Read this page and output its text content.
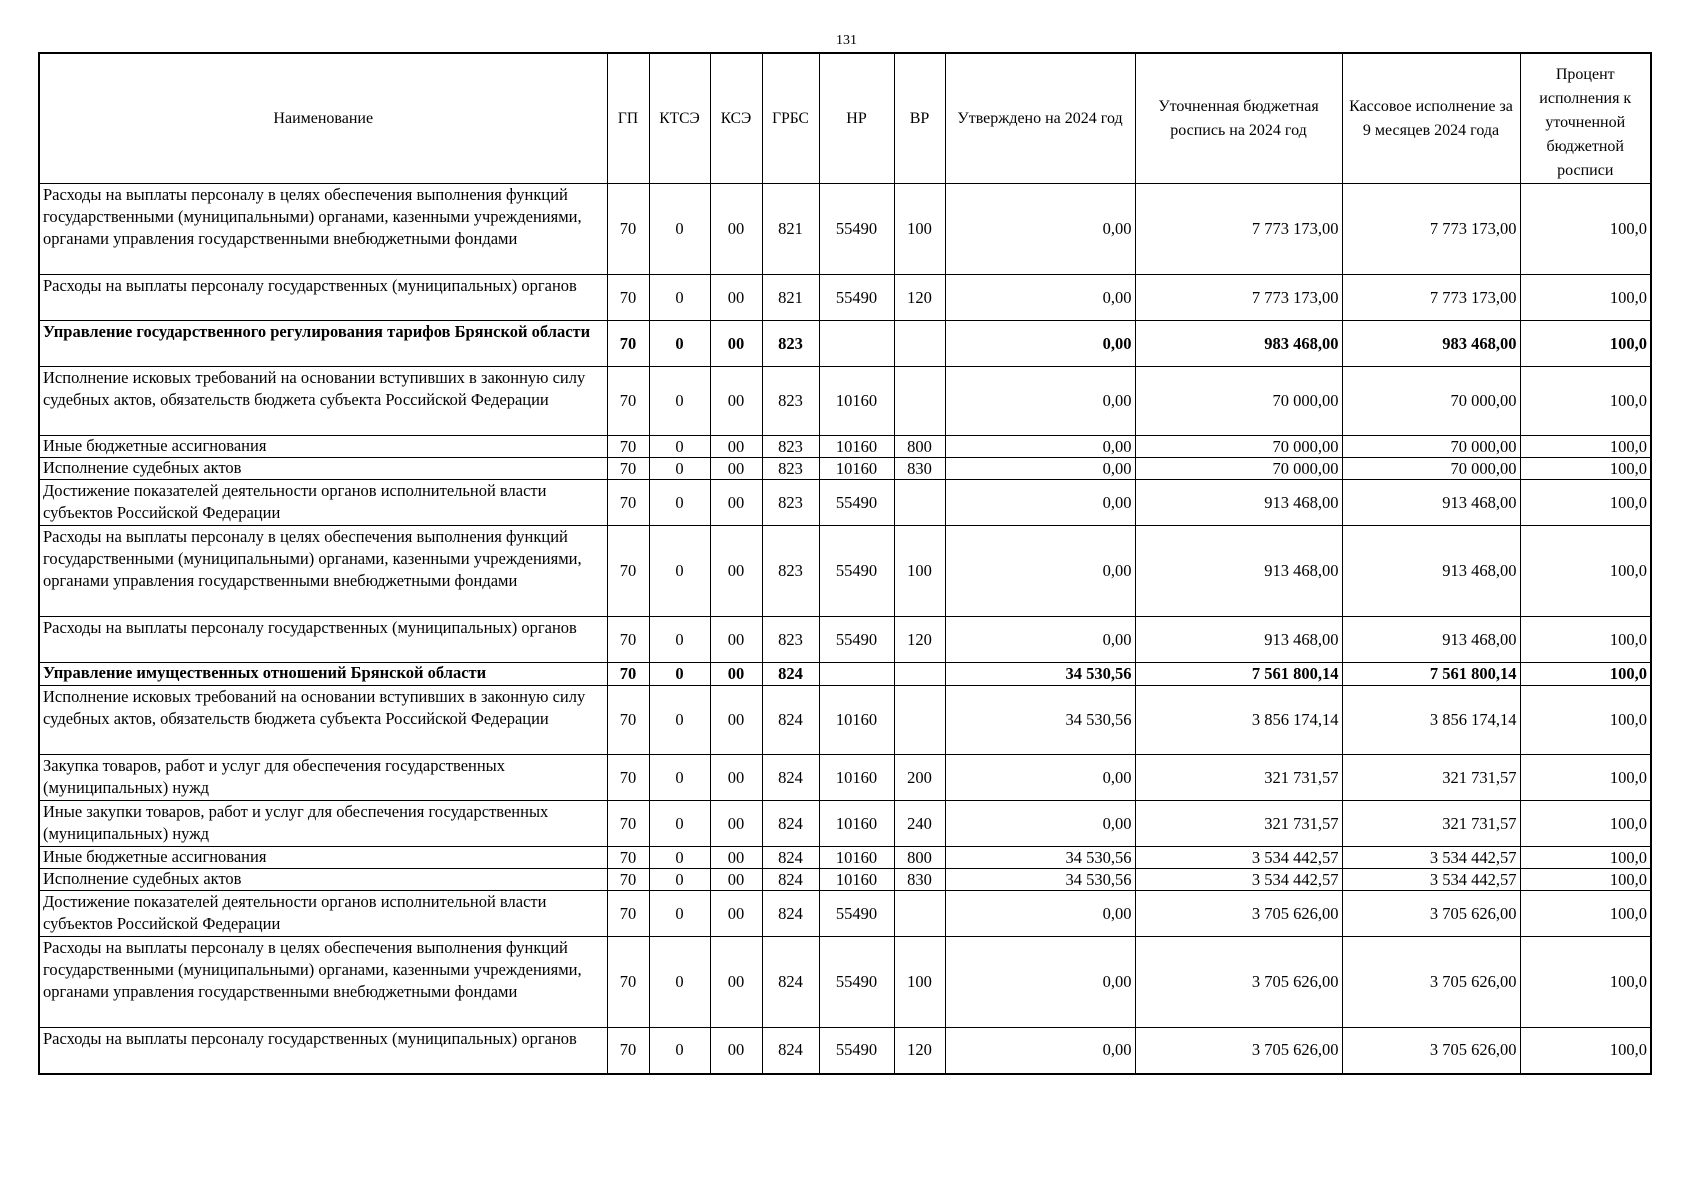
131
Наименование	ГП	КТСЭ	КСЭ	ГРБС	НР	ВР	Утверждено на 2024 год	Уточненная бюджетная роспись на 2024 год	Кассовое исполнение за 9 месяцев 2024 года	Процент исполнения к уточненной бюджетной росписи

Расходы на выплаты персоналу в целях обеспечения выполнения функций государственными (муниципальными) органами, казенными учреждениями, органами управления государственными внебюджетными фондами	70	0	00	821	55490	100	0,00	7 773 173,00	7 773 173,00	100,0
Расходы на выплаты персоналу государственных (муниципальных) органов	70	0	00	821	55490	120	0,00	7 773 173,00	7 773 173,00	100,0
Управление государственного регулирования тарифов Брянской области	70	0	00	823			0,00	983 468,00	983 468,00	100,0
Исполнение исковых требований на основании вступивших в законную силу судебных актов, обязательств бюджета субъекта Российской Федерации	70	0	00	823	10160		0,00	70 000,00	70 000,00	100,0
Иные бюджетные ассигнования	70	0	00	823	10160	800	0,00	70 000,00	70 000,00	100,0
Исполнение судебных актов	70	0	00	823	10160	830	0,00	70 000,00	70 000,00	100,0
Достижение показателей деятельности органов исполнительной власти субъектов Российской Федерации	70	0	00	823	55490		0,00	913 468,00	913 468,00	100,0
Расходы на выплаты персоналу в целях обеспечения выполнения функций государственными (муниципальными) органами, казенными учреждениями, органами управления государственными внебюджетными фондами	70	0	00	823	55490	100	0,00	913 468,00	913 468,00	100,0
Расходы на выплаты персоналу государственных (муниципальных) органов	70	0	00	823	55490	120	0,00	913 468,00	913 468,00	100,0
Управление имущественных отношений Брянской области	70	0	00	824			34 530,56	7 561 800,14	7 561 800,14	100,0
Исполнение исковых требований на основании вступивших в законную силу судебных актов, обязательств бюджета субъекта Российской Федерации	70	0	00	824	10160		34 530,56	3 856 174,14	3 856 174,14	100,0
Закупка товаров, работ и услуг для обеспечения государственных (муниципальных) нужд	70	0	00	824	10160	200	0,00	321 731,57	321 731,57	100,0
Иные закупки товаров, работ и услуг для обеспечения государственных (муниципальных) нужд	70	0	00	824	10160	240	0,00	321 731,57	321 731,57	100,0
Иные бюджетные ассигнования	70	0	00	824	10160	800	34 530,56	3 534 442,57	3 534 442,57	100,0
Исполнение судебных актов	70	0	00	824	10160	830	34 530,56	3 534 442,57	3 534 442,57	100,0
Достижение показателей деятельности органов исполнительной власти субъектов Российской Федерации	70	0	00	824	55490		0,00	3 705 626,00	3 705 626,00	100,0
Расходы на выплаты персоналу в целях обеспечения выполнения функций государственными (муниципальными) органами, казенными учреждениями, органами управления государственными внебюджетными фондами	70	0	00	824	55490	100	0,00	3 705 626,00	3 705 626,00	100,0
Расходы на выплаты персоналу государственных (муниципальных) органов	70	0	00	824	55490	120	0,00	3 705 626,00	3 705 626,00	100,0
